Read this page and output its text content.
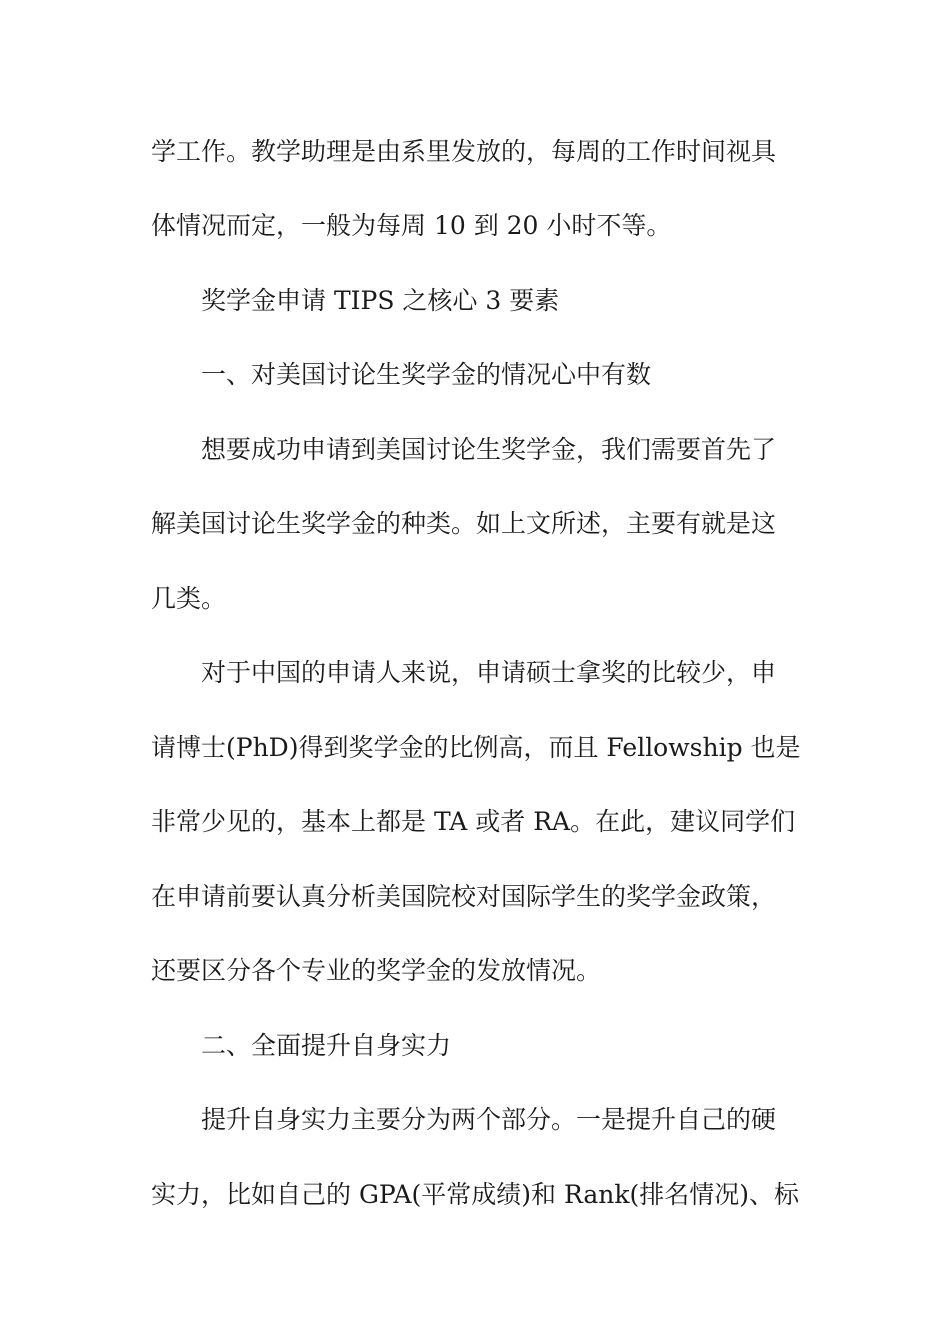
学工作。教学助理是由系里发放的，每周的工作时间视具
体情况而定，一般为每周 10 到 20 小时不等。
奖学金申请 TIPS 之核心 3 要素
一、对美国讨论生奖学金的情况心中有数
想要成功申请到美国讨论生奖学金，我们需要首先了
解美国讨论生奖学金的种类。如上文所述，主要有就是这
几类。
对于中国的申请人来说，申请硕士拿奖的比较少，申
请博士(PhD)得到奖学金的比例高，而且 Fellowship 也是
非常少见的，基本上都是 TA 或者 RA。在此，建议同学们
在申请前要认真分析美国院校对国际学生的奖学金政策，
还要区分各个专业的奖学金的发放情况。
二、全面提升自身实力
提升自身实力主要分为两个部分。一是提升自己的硬
实力，比如自己的 GPA(平常成绩)和 Rank(排名情况)、标
